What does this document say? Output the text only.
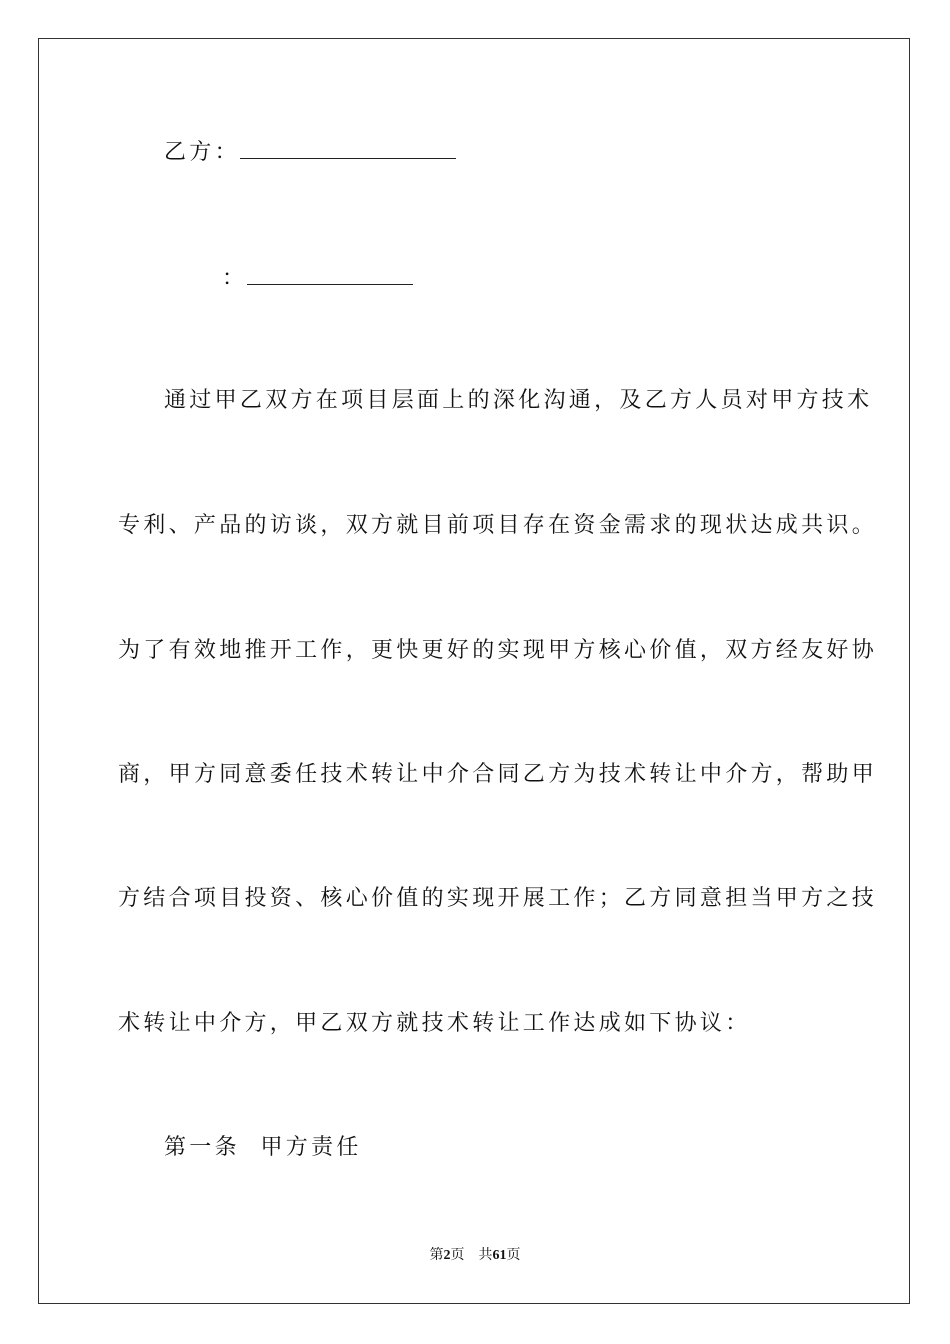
乙方：
：
通过甲乙双方在项目层面上的深化沟通，及乙方人员对甲方技术
专利、产品的访谈，双方就目前项目存在资金需求的现状达成共识。
为了有效地推开工作，更快更好的实现甲方核心价值，双方经友好协
商，甲方同意委任技术转让中介合同乙方为技术转让中介方，帮助甲
方结合项目投资、核心价值的实现开展工作；乙方同意担当甲方之技
术转让中介方，甲乙双方就技术转让工作达成如下协议：
第一条  甲方责任
第2页 共61页
